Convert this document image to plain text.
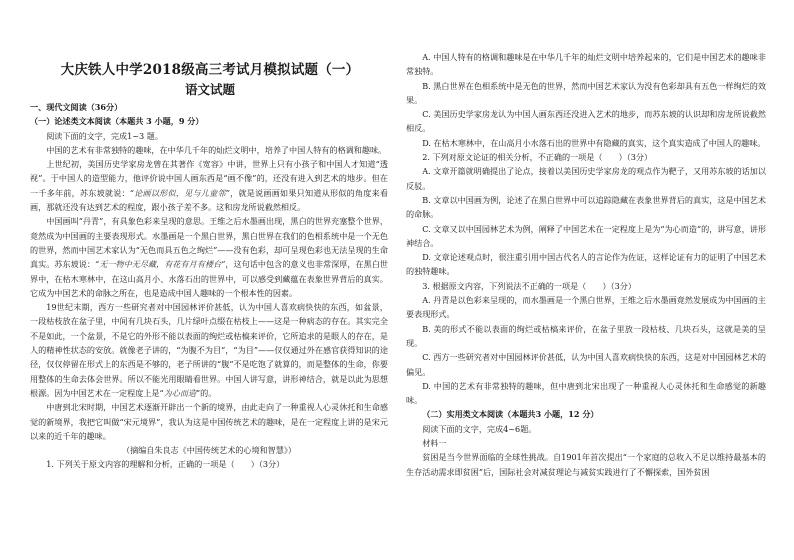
大庆铁人中学2018级高三考试月模拟试题（一）
语文试题

一、现代文阅读（36分）

（一）论述类文本阅读（本题共 3 小题，9 分）

阅读下面的文字，完成1~3 题。

中国的艺术有非常独特的趣味，在中华几千年的灿烂文明中，培养了中国人特有的格调和趣味。

上世纪初，美国历史学家房龙曾在其著作《宽容》中讲，世界上只有小孩子和中国人才知道“透视”。于中国人的造型能力，他评价说中国人画东西是“画不像”的，还没有进入到艺术的地步。但在一千多年前，苏东坡就说：“论画以形似，见与儿童邻”，就是说画画如果只知道从形似的角度来看画，那就还没有达到艺术的程度，跟小孩子差不多。这和房龙所说截然相反。

中国画叫“丹青”，有具象色彩来呈现的意思。王维之后水墨画出现，黑白的世界充塞整个世界，竟然成为中国画的主要表现形式。水墨画是一个黑白世界，黑白世界在我们的色相系统中是一个无色的世界，然而中国艺术家认为“无色而具五色之绚烂”——没有色彩，却可呈现色彩也无法呈现的生命真实。苏东坡说：“无一物中无尽藏，有花有月有楼台”，这句话中包含的意义也非常深厚，在黑白世界中，在枯木寒林中，在这山高月小、水落石出的世界中，可以感受到藏蕴在表象世界背后的真实。它成为中国艺术的命脉之所在，也是造成中国人趣味的一个根本性的因素。

19世纪末期，西方一些研究者对中国园林评价甚低，认为中国人喜欢病快快的东西，如盆景，一段枯枝放在盆子里，中间有几块石头，几片绿叶点缀在枯枝上——这是一种病态的存在。其实完全不是如此，一个盆景，不是它的外形不能以表面的绚烂或枯槁来评价，它所追求的是眼人的存在，是人的精神性状态的安放。就像老子讲的，“为腹不为目”，“为目”——仅仅通过外在感官获得知识的途径，仅仅停留在形式上的东西是不够的，老子所讲的“腹”不是吃饱了就算的，而是整体的生命，你要用整体的生命去体会世界。所以不能光用眼睛看世界。中国人讲写意，讲形神结合，就是以此为思想根源。因为中国艺术在一定程度上是“为心而造”的。

中唐到北宋时期，中国艺术逐渐开辟出一个新的境界，由此走向了一种重视人心灵休托和生命感觉的新境界，我把它叫做“宋元境界”，我认为这是中国传统艺术的趣味，是在一定程度上讲的是宋元以来的近千年的趣味。

（摘编自朱良志《中国传统艺术的心境和智慧》）

1. 下列关于原文内容的理解和分析，正确的一项是（　　）（3分）

A. 中国人特有的格调和趣味是在中华几千年的灿烂文明中培养起来的，它们是中国艺术的趣味非常独特。

B. 黑白世界在色相系统中是无色的世界，然而中国艺术家认为没有色彩却具有五色一样绚烂的效果。

C. 美国历史学家房龙认为中国人画东西还没进入艺术的地步，而苏东坡的认识却和房龙所说截然相反。

D. 在枯木寒林中，在山高月小水落石出的世界中有隐藏的真实，这个真实造成了中国人的趣味。

2. 下列对原文论证的相关分析，不正确的一项是（　　）（3分）

A. 文章开篇就明确提出了论点，接着以美国历史学家房龙的观点作为靶子，又用苏东坡的话加以反驳。

B. 文章以中国画为例，论述了在黑白世界中可以追踪隐藏在表象世界背后的真实，这是中国艺术的命脉。

C. 文章又以中国园林艺术为例，阐释了中国艺术在一定程度上是为“为心而造”的，讲写意，讲形神结合。

D. 文章论述观点时，很注重引用中国古代名人的言论作为佐证，这样论证有力的证明了中国艺术的独特趣味。

3. 根据原文内容，下列说法不正确的一项是（　　）（3分）

A. 丹青是以色彩来呈现的，而水墨画是一个黑白世界，王维之后水墨画竟然发展成为中国画的主要表现形式。

B. 美的形式不能以表面的绚烂或枯槁来评价，在盆子里放一段枯枝、几块石头，这就是美的呈现。

C. 西方一些研究者对中国园林评价甚低，认为中国人喜欢病快快的东西，这是对中国园林艺术的偏见。

D. 中国的艺术有非常独特的趣味，但中唐到北宋出现了一种重视人心灵休托和生命感觉的新趣味。

（二）实用类文本阅读（本题共3 小题，12 分）

阅读下面的文字，完成4~6题。

材料一

贫困是当今世界面临的全球性挑战。自1901年首次提出“一个家庭的总收入不足以维持最基本的生存活动需求即贫困”后，国际社会对减贫理论与减贫实践进行了不懈探索，国外贫困
